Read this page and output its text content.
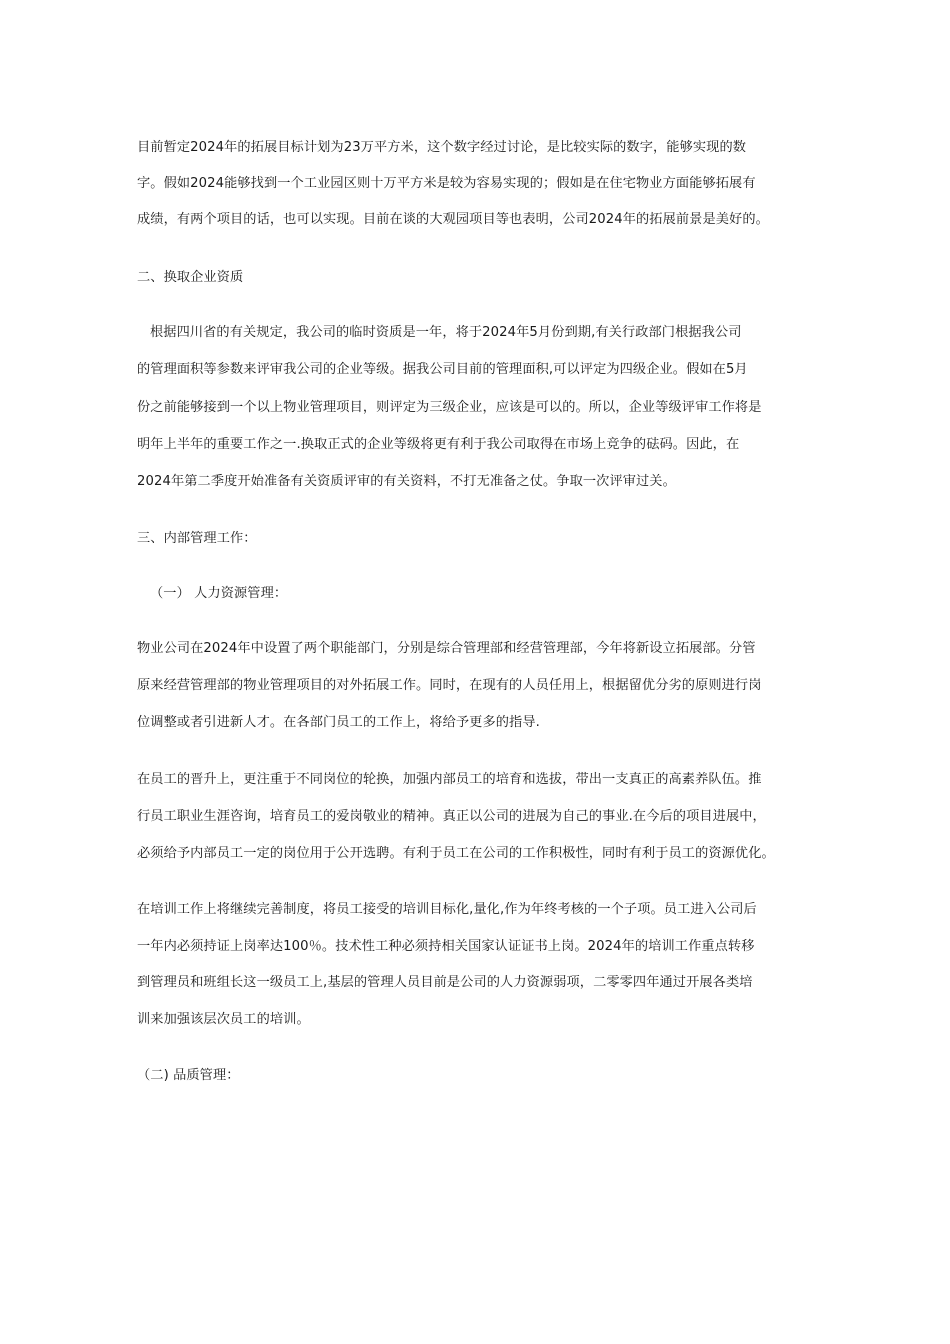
目前暂定2024年的拓展目标计划为23万平方米，这个数字经过讨论，是比较实际的数字，能够实现的数

字。假如2024能够找到一个工业园区则十万平方米是较为容易实现的；假如是在住宅物业方面能够拓展有

成绩，有两个项目的话，也可以实现。目前在谈的大观园项目等也表明，公司2024年的拓展前景是美好的。

二、换取企业资质

根据四川省的有关规定，我公司的临时资质是一年，将于2024年5月份到期,有关行政部门根据我公司

的管理面积等参数来评审我公司的企业等级。据我公司目前的管理面积,可以评定为四级企业。假如在5月

份之前能够接到一个以上物业管理项目，则评定为三级企业，应该是可以的。所以，企业等级评审工作将是

明年上半年的重要工作之一.换取正式的企业等级将更有利于我公司取得在市场上竞争的砝码。因此，在

2024年第二季度开始准备有关资质评审的有关资料，不打无准备之仗。争取一次评审过关。

三、内部管理工作：

（一） 人力资源管理：

物业公司在2024年中设置了两个职能部门，分别是综合管理部和经营管理部，今年将新设立拓展部。分管

原来经营管理部的物业管理项目的对外拓展工作。同时，在现有的人员任用上，根据留优分劣的原则进行岗

位调整或者引进新人才。在各部门员工的工作上，将给予更多的指导.

在员工的晋升上，更注重于不同岗位的轮换，加强内部员工的培育和选拔，带出一支真正的高素养队伍。推

行员工职业生涯咨询，培育员工的爱岗敬业的精神。真正以公司的进展为自己的事业.在今后的项目进展中，

必须给予内部员工一定的岗位用于公开选聘。有利于员工在公司的工作积极性，同时有利于员工的资源优化。

在培训工作上将继续完善制度，将员工接受的培训目标化,量化,作为年终考核的一个子项。员工进入公司后

一年内必须持证上岗率达100％。技术性工种必须持相关国家认证证书上岗。2024年的培训工作重点转移

到管理员和班组长这一级员工上,基层的管理人员目前是公司的人力资源弱项，二零零四年通过开展各类培

训来加强该层次员工的培训。

（二) 品质管理：
